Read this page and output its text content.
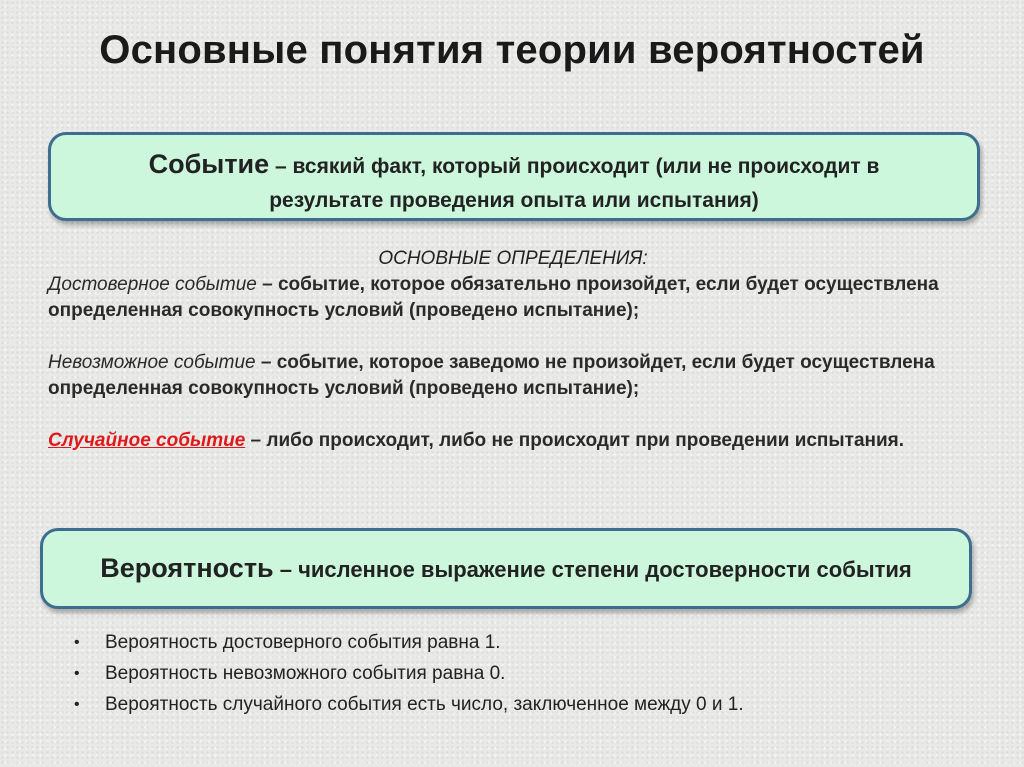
Основные понятия теории вероятностей
Событие – всякий факт, который происходит (или не происходит в
результате проведения опыта или испытания)
ОСНОВНЫЕ ОПРЕДЕЛЕНИЯ:

Достоверное событие – событие, которое обязательно произойдет, если будет осуществлена определенная совокупность условий (проведено испытание);

Невозможное событие – событие, которое заведомо не произойдет, если будет осуществлена определенная совокупность условий (проведено испытание);

Случайное событие – либо происходит, либо не происходит при проведении испытания.

Вероятность – численное выражение степени достоверности события
• Вероятность достоверного события равна 1.
• Вероятность невозможного события равна 0.
• Вероятность случайного события есть число, заключенное между 0 и 1.
